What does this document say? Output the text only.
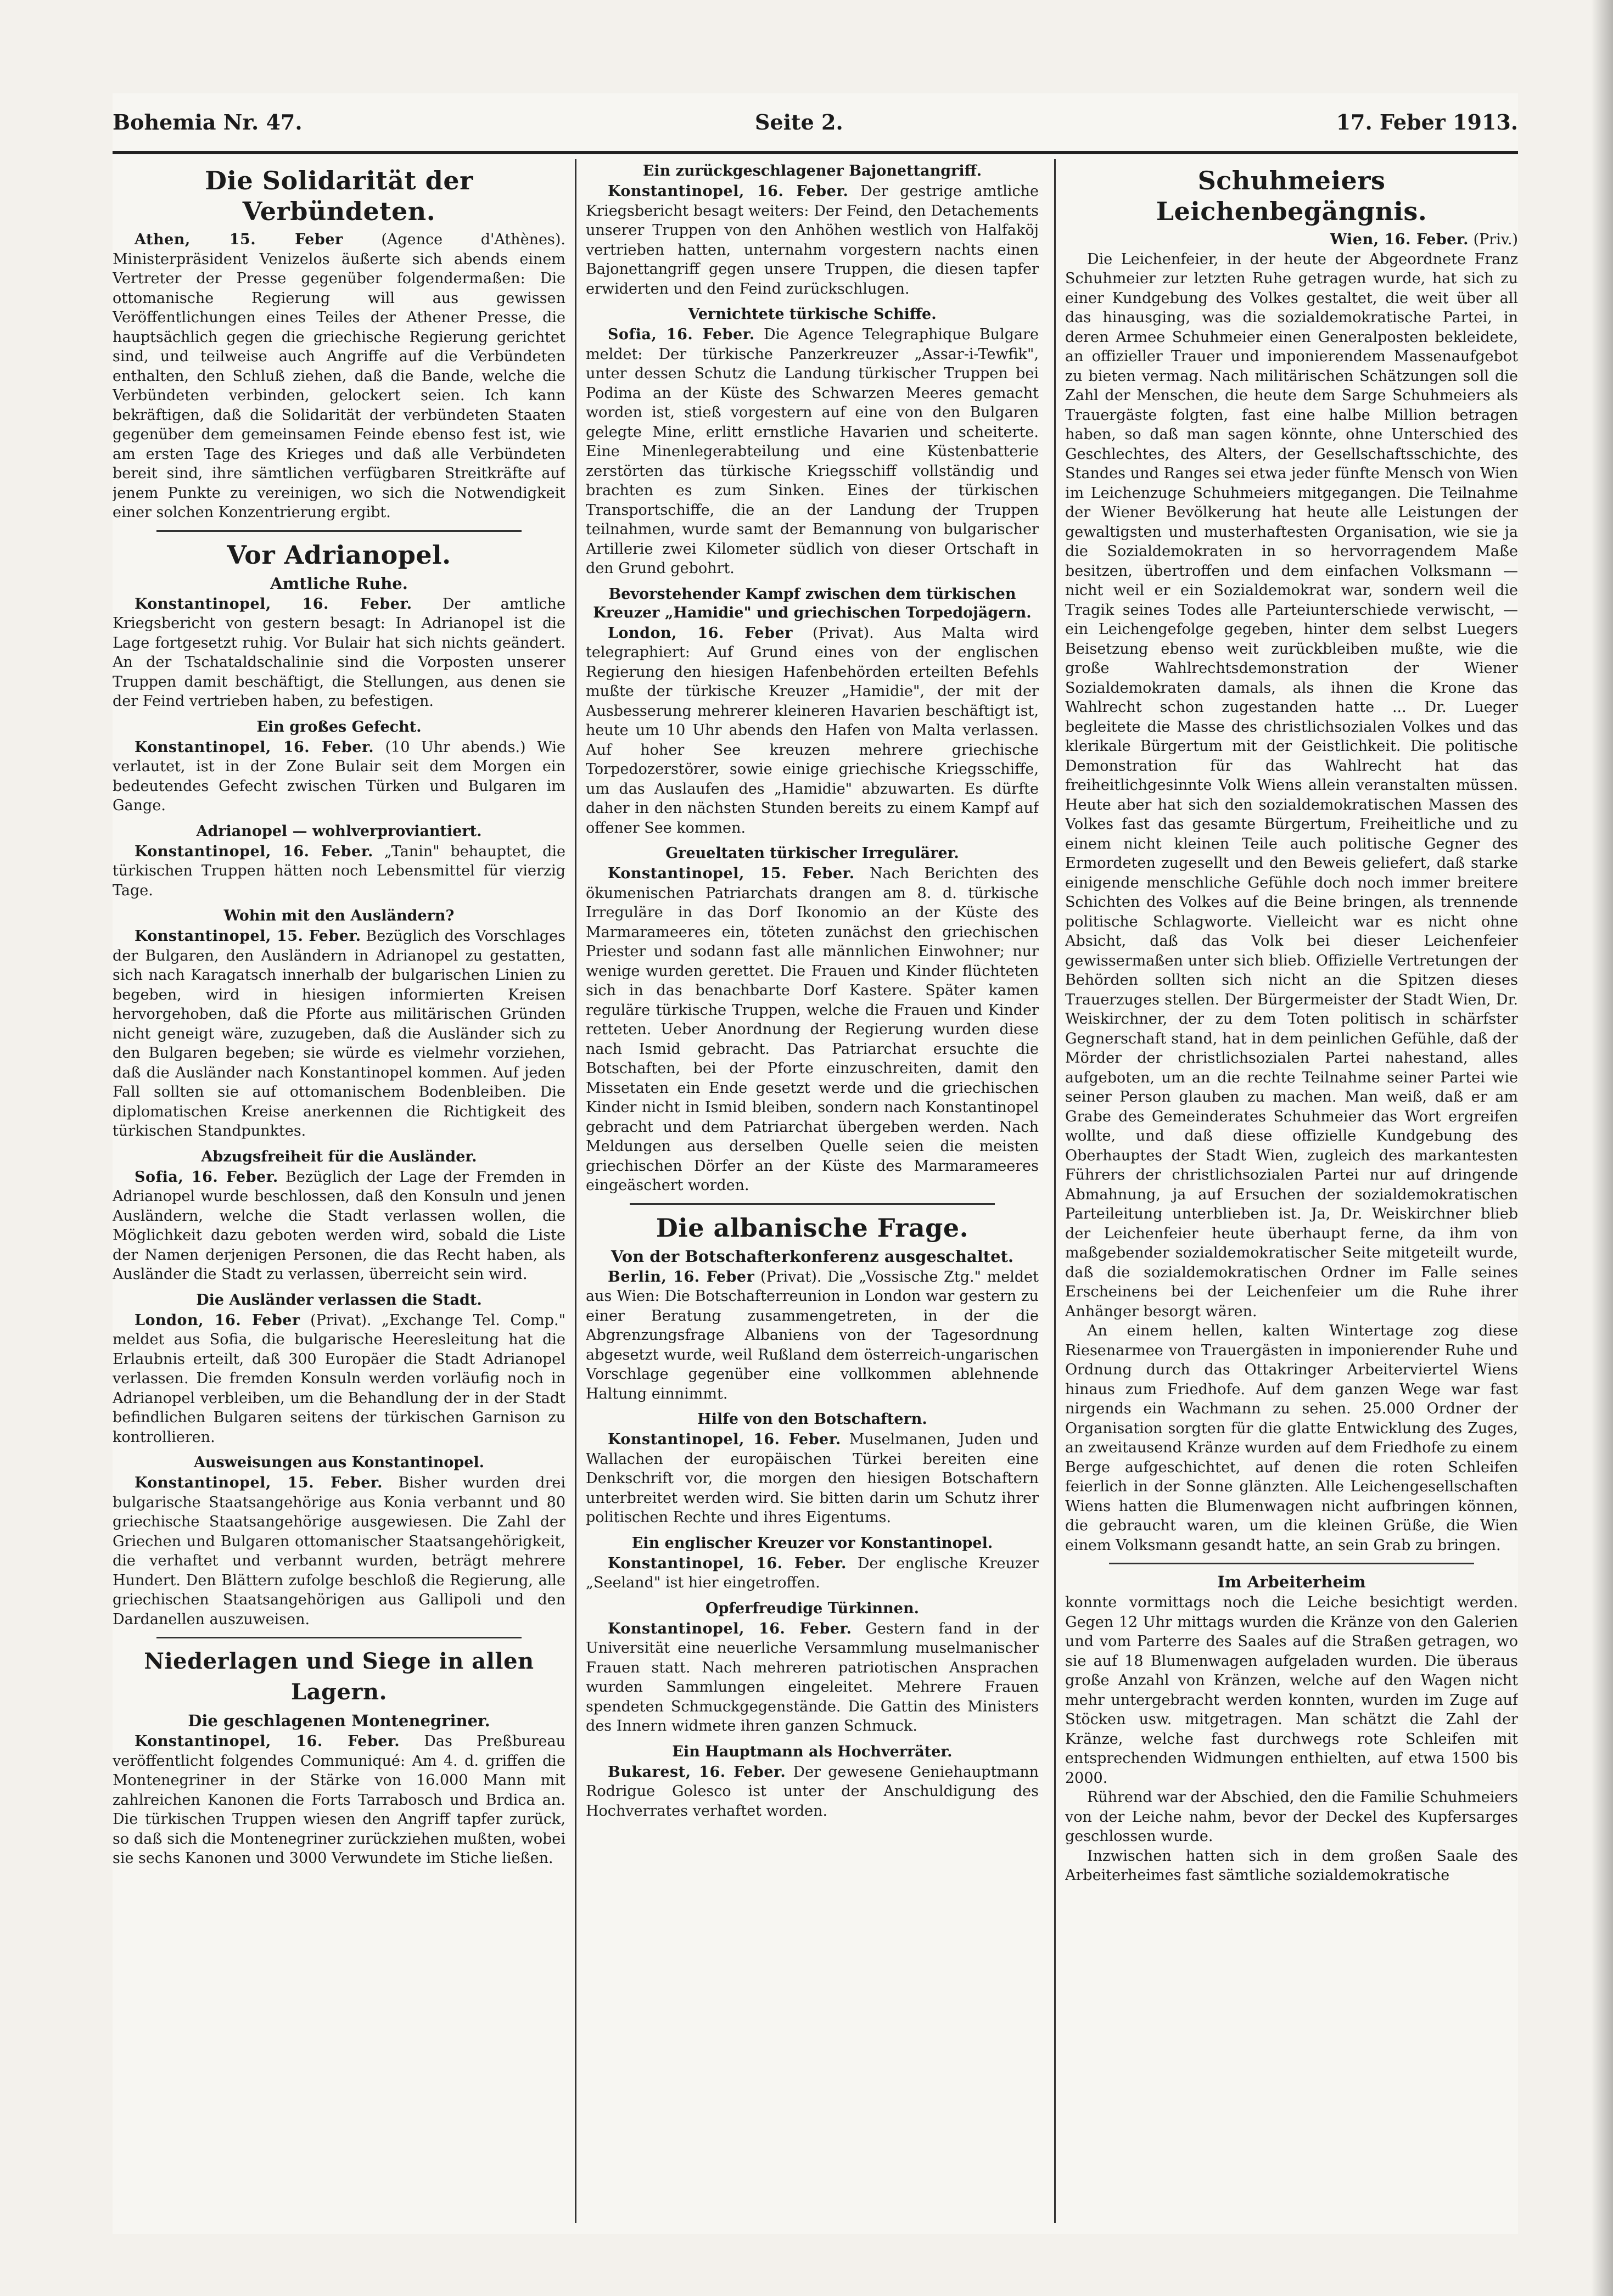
Bohemia Nr. 47.	Seite 2.	17. Feber 1913.
Die Solidarität der Verbündeten.

Athen, 15. Feber	(Agence d'Athènes). Ministerpräsident Venizelos äußerte sich abends einem Vertreter der Presse gegenüber folgendermaßen: Die ottomanische Regierung will aus gewissen Veröffentlichungen eines Teiles der Athener Presse, die hauptsächlich gegen die griechische Regierung gerichtet sind, und teilweise auch Angriffe auf die Verbündeten enthalten, den Schluß ziehen, daß die Bande, welche die Verbündeten verbinden, gelockert seien. Ich kann bekräftigen, daß die Solidarität der verbündeten Staaten gegenüber dem gemeinsamen Feinde ebenso fest ist, wie am ersten Tage des Krieges und daß alle Verbündeten bereit sind, ihre sämtlichen verfügbaren Streitkräfte auf jenem Punkte zu vereinigen, wo sich die Notwendigkeit einer solchen Konzentrierung ergibt.

Vor Adrianopel.
Amtliche Ruhe.

Konstantinopel, 16. Feber. Der amtliche Kriegsbericht von gestern besagt: In Adrianopel ist die Lage fortgesetzt ruhig. Vor Bulair hat sich nichts geändert. An der Tschataldschalinie sind die Vorposten unserer Truppen damit beschäftigt, die Stellungen, aus denen sie der Feind vertrieben haben, zu befestigen.

Ein großes Gefecht.

Konstantinopel, 16. Feber. (10 Uhr abends.) Wie verlautet, ist in der Zone Bulair seit dem Morgen ein bedeutendes Gefecht zwischen Türken und Bulgaren im Gange.

Adrianopel — wohlverproviantiert.

Konstantinopel, 16. Feber. „Tanin" behauptet, die türkischen Truppen hätten noch Lebensmittel für vierzig Tage.

Wohin mit den Ausländern?

Konstantinopel, 15. Feber. Bezüglich des Vorschlages der Bulgaren, den Ausländern in Adrianopel zu gestatten, sich nach Karagatsch innerhalb der bulgarischen Linien zu begeben, wird in hiesigen informierten Kreisen hervorgehoben, daß die Pforte aus militärischen Gründen nicht geneigt wäre, zuzugeben, daß die Ausländer sich zu den Bulgaren begeben; sie würde es vielmehr vorziehen, daß die Ausländer nach Konstantinopel kommen. Auf jeden Fall sollten sie auf ottomanischem Bodenbleiben. Die diplomatischen Kreise anerkennen die Richtigkeit des türkischen Standpunktes.

Abzugsfreiheit für die Ausländer.

Sofia, 16. Feber. Bezüglich der Lage der Fremden in Adrianopel wurde beschlossen, daß den Konsuln und jenen Ausländern, welche die Stadt verlassen wollen, die Möglichkeit dazu geboten werden wird, sobald die Liste der Namen derjenigen Personen, die das Recht haben, als Ausländer die Stadt zu verlassen, überreicht sein wird.

Die Ausländer verlassen die Stadt.

London, 16. Feber (Privat). „Exchange Tel. Comp." meldet aus Sofia, die bulgarische Heeresleitung hat die Erlaubnis erteilt, daß 300 Europäer die Stadt Adrianopel verlassen. Die fremden Konsuln werden vorläufig noch in Adrianopel verbleiben, um die Behandlung der in der Stadt befindlichen Bulgaren seitens der türkischen Garnison zu kontrollieren.

Ausweisungen aus Konstantinopel.

Konstantinopel, 15. Feber. Bisher wurden drei bulgarische Staatsangehörige aus Konia verbannt und 80 griechische Staatsangehörige ausgewiesen. Die Zahl der Griechen und Bulgaren ottomanischer Staatsangehörigkeit, die verhaftet und verbannt wurden, beträgt mehrere Hundert. Den Blättern zufolge beschloß die Regierung, alle griechischen Staatsangehörigen aus Gallipoli und den Dardanellen auszuweisen.

Niederlagen und Siege in allen Lagern.
Die geschlagenen Montenegriner.

Konstantinopel, 16. Feber. Das Preßbureau veröffentlicht folgendes Communiqué: Am 4. d. griffen die Montenegriner in der Stärke von 16.000 Mann mit zahlreichen Kanonen die Forts Tarrabosch und Brdica an. Die türkischen Truppen wiesen den Angriff tapfer zurück, so daß sich die Montenegriner zurückziehen mußten, wobei sie sechs Kanonen und 3000 Verwundete im Stiche ließen.

Ein zurückgeschlagener Bajonettangriff.

Konstantinopel, 16. Feber. Der gestrige amtliche Kriegsbericht besagt weiters: Der Feind, den Detachements unserer Truppen von den Anhöhen westlich von Halfaköj vertrieben hatten, unternahm vorgestern nachts einen Bajonettangriff gegen unsere Truppen, die diesen tapfer erwiderten und den Feind zurückschlugen.

Vernichtete türkische Schiffe.

Sofia, 16. Feber. Die Agence Telegraphique Bulgare meldet: Der türkische Panzerkreuzer „Assar-i-Tewfik", unter dessen Schutz die Landung türkischer Truppen bei Podima an der Küste des Schwarzen Meeres gemacht worden ist, stieß vorgestern auf eine von den Bulgaren gelegte Mine, erlitt ernstliche Havarien und scheiterte. Eine Minenlegerabteilung und eine Küstenbatterie zerstörten das türkische Kriegsschiff vollständig und brachten es zum Sinken. Eines der türkischen Transportschiffe, die an der Landung der Truppen teilnahmen, wurde samt der Bemannung von bulgarischer Artillerie zwei Kilometer südlich von dieser Ortschaft in den Grund gebohrt.

Bevorstehender Kampf zwischen dem türkischen Kreuzer „Hamidie" und griechischen Torpedojägern.

London, 16. Feber (Privat). Aus Malta wird telegraphiert: Auf Grund eines von der englischen Regierung den hiesigen Hafenbehörden erteilten Befehls mußte der türkische Kreuzer „Hamidie", der mit der Ausbesserung mehrerer kleineren Havarien beschäftigt ist, heute um 10 Uhr abends den Hafen von Malta verlassen. Auf hoher See kreuzen mehrere griechische Torpedozerstörer, sowie einige griechische Kriegsschiffe, um das Auslaufen des „Hamidie" abzuwarten. Es dürfte daher in den nächsten Stunden bereits zu einem Kampf auf offener See kommen.

Greueltaten türkischer Irregulärer.

Konstantinopel, 15. Feber. Nach Berichten des ökumenischen Patriarchats drangen am 8. d. türkische Irreguläre in das Dorf Ikonomio an der Küste des Marmarameeres ein, töteten zunächst den griechischen Priester und sodann fast alle männlichen Einwohner; nur wenige wurden gerettet. Die Frauen und Kinder flüchteten sich in das benachbarte Dorf Kastere. Später kamen reguläre türkische Truppen, welche die Frauen und Kinder retteten. Ueber Anordnung der Regierung wurden diese nach Ismid gebracht. Das Patriarchat ersuchte die Botschaften, bei der Pforte einzuschreiten, damit den Missetaten ein Ende gesetzt werde und die griechischen Kinder nicht in Ismid bleiben, sondern nach Konstantinopel gebracht und dem Patriarchat übergeben werden. Nach Meldungen aus derselben Quelle seien die meisten griechischen Dörfer an der Küste des Marmarameeres eingeäschert worden.

Die albanische Frage.
Von der Botschafterkonferenz ausgeschaltet.

Berlin, 16. Feber (Privat). Die „Vossische Ztg." meldet aus Wien: Die Botschafterreunion in London war gestern zu einer Beratung zusammengetreten, in der die Abgrenzungsfrage Albaniens von der Tagesordnung abgesetzt wurde, weil Rußland dem österreich-ungarischen Vorschlage gegenüber eine vollkommen ablehnende Haltung einnimmt.

Hilfe von den Botschaftern.

Konstantinopel, 16. Feber. Muselmanen, Juden und Wallachen der europäischen Türkei bereiten eine Denkschrift vor, die morgen den hiesigen Botschaftern unterbreitet werden wird. Sie bitten darin um Schutz ihrer politischen Rechte und ihres Eigentums.

Ein englischer Kreuzer vor Konstantinopel.

Konstantinopel, 16. Feber. Der englische Kreuzer „Seeland" ist hier eingetroffen.

Opferfreudige Türkinnen.

Konstantinopel, 16. Feber. Gestern fand in der Universität eine neuerliche Versammlung muselmanischer Frauen statt. Nach mehreren patriotischen Ansprachen wurden Sammlungen eingeleitet. Mehrere Frauen spendeten Schmuckgegenstände. Die Gattin des Ministers des Innern widmete ihren ganzen Schmuck.

Ein Hauptmann als Hochverräter.

Bukarest, 16. Feber. Der gewesene Geniehauptmann Rodrigue Golesco ist unter der Anschuldigung des Hochverrates verhaftet worden.

Schuhmeiers Leichenbegängnis.

Wien, 16. Feber. (Priv.)

Die Leichenfeier, in der heute der Abgeordnete Franz Schuhmeier zur letzten Ruhe getragen wurde, hat sich zu einer Kundgebung des Volkes gestaltet, die weit über all das hinausging, was die sozialdemokratische Partei, in deren Armee Schuhmeier einen Generalposten bekleidete, an offizieller Trauer und imponierendem Massenaufgebot zu bieten vermag. Nach militärischen Schätzungen soll die Zahl der Menschen, die heute dem Sarge Schuhmeiers als Trauergäste folgten, fast eine halbe Million betragen haben, so daß man sagen könnte, ohne Unterschied des Geschlechtes, des Alters, der Gesellschaftsschichte, des Standes und Ranges sei etwa jeder fünfte Mensch von Wien im Leichenzuge Schuhmeiers mitgegangen. Die Teilnahme der Wiener Bevölkerung hat heute alle Leistungen der gewaltigsten und musterhaftesten Organisation, wie sie ja die Sozialdemokraten in so hervorragendem Maße besitzen, übertroffen und dem einfachen Volksmann — nicht weil er ein Sozialdemokrat war, sondern weil die Tragik seines Todes alle Parteiunterschiede verwischt, — ein Leichengefolge gegeben, hinter dem selbst Luegers Beisetzung ebenso weit zurückbleiben mußte, wie die große Wahlrechtsdemonstration der Wiener Sozialdemokraten damals, als ihnen die Krone das Wahlrecht schon zugestanden hatte ... Dr. Lueger begleitete die Masse des christlichsozialen Volkes und das klerikale Bürgertum mit der Geistlichkeit. Die politische Demonstration für das Wahlrecht hat das freiheitlichgesinnte Volk Wiens allein veranstalten müssen. Heute aber hat sich den sozialdemokratischen Massen des Volkes fast das gesamte Bürgertum, Freiheitliche und zu einem nicht kleinen Teile auch politische Gegner des Ermordeten zugesellt und den Beweis geliefert, daß starke einigende menschliche Gefühle doch noch immer breitere Schichten des Volkes auf die Beine bringen, als trennende politische Schlagworte. Vielleicht war es nicht ohne Absicht, daß das Volk bei dieser Leichenfeier gewissermaßen unter sich blieb. Offizielle Vertretungen der Behörden sollten sich nicht an die Spitzen dieses Trauerzuges stellen. Der Bürgermeister der Stadt Wien, Dr. Weiskirchner, der zu dem Toten politisch in schärfster Gegnerschaft stand, hat in dem peinlichen Gefühle, daß der Mörder der christlichsozialen Partei nahestand, alles aufgeboten, um an die rechte Teilnahme seiner Partei wie seiner Person glauben zu machen. Man weiß, daß er am Grabe des Gemeinderates Schuhmeier das Wort ergreifen wollte, und daß diese offizielle Kundgebung des Oberhauptes der Stadt Wien, zugleich des markantesten Führers der christlichsozialen Partei nur auf dringende Abmahnung, ja auf Ersuchen der sozialdemokratischen Parteileitung unterblieben ist. Ja, Dr. Weiskirchner blieb der Leichenfeier heute überhaupt ferne, da ihm von maßgebender sozialdemokratischer Seite mitgeteilt wurde, daß die sozialdemokratischen Ordner im Falle seines Erscheinens bei der Leichenfeier um die Ruhe ihrer Anhänger besorgt wären.

An einem hellen, kalten Wintertage zog diese Riesenarmee von Trauergästen in imponierender Ruhe und Ordnung durch das Ottakringer Arbeiterviertel Wiens hinaus zum Friedhofe. Auf dem ganzen Wege war fast nirgends ein Wachmann zu sehen. 25.000 Ordner der Organisation sorgten für die glatte Entwicklung des Zuges, an zweitausend Kränze wurden auf dem Friedhofe zu einem Berge aufgeschichtet, auf denen die roten Schleifen feierlich in der Sonne glänzten. Alle Leichengesellschaften Wiens hatten die Blumenwagen nicht aufbringen können, die gebraucht waren, um die kleinen Grüße, die Wien einem Volksmann gesandt hatte, an sein Grab zu bringen.

Im Arbeiterheim

konnte vormittags noch die Leiche besichtigt werden. Gegen 12 Uhr mittags wurden die Kränze von den Galerien und vom Parterre des Saales auf die Straßen getragen, wo sie auf 18 Blumenwagen aufgeladen wurden. Die überaus große Anzahl von Kränzen, welche auf den Wagen nicht mehr untergebracht werden konnten, wurden im Zuge auf Stöcken usw. mitgetragen. Man schätzt die Zahl der Kränze, welche fast durchwegs rote Schleifen mit entsprechenden Widmungen enthielten, auf etwa 1500 bis 2000.

Rührend war der Abschied, den die Familie Schuhmeiers von der Leiche nahm, bevor der Deckel des Kupfersarges geschlossen wurde.

Inzwischen hatten sich in dem großen Saale des Arbeiterheimes fast sämtliche sozialdemokratische
